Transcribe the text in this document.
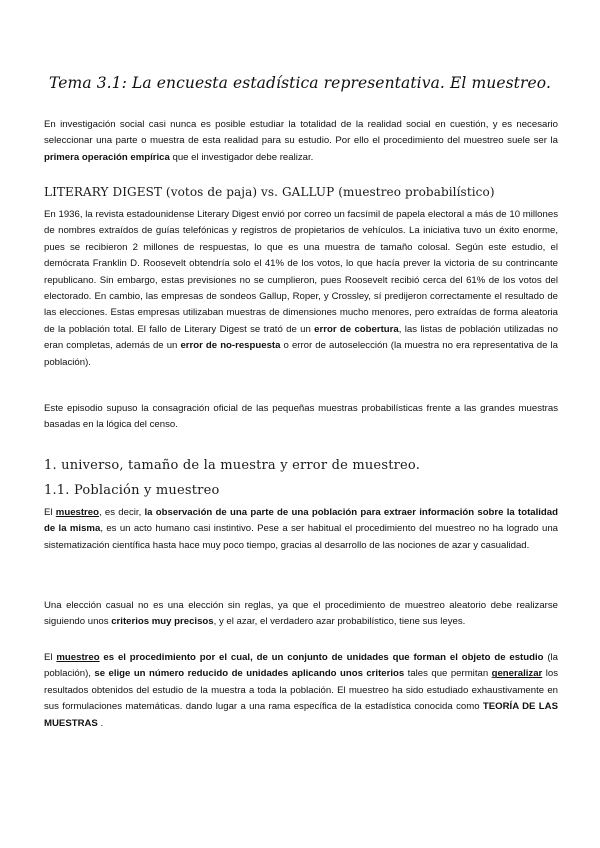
Tema 3.1: La encuesta estadística representativa. El muestreo.

En investigación social casi nunca es posible estudiar la totalidad de la realidad social en cuestión, y es necesario seleccionar una parte o muestra de esta realidad para su estudio. Por ello el procedimiento del muestreo suele ser la primera operación empírica que el investigador debe realizar.

LITERARY DIGEST (votos de paja) vs. GALLUP (muestreo probabilístico)

En 1936, la revista estadounidense Literary Digest envió por correo un facsímil de papela electoral a más de 10 millones de nombres extraídos de guías telefónicas y registros de propietarios de vehículos. La iniciativa tuvo un éxito enorme, pues se recibieron 2 millones de respuestas, lo que es una muestra de tamaño colosal. Según este estudio, el demócrata Franklin D. Roosevelt obtendría solo el 41% de los votos, lo que hacía prever la victoria de su contrincante republicano. Sin embargo, estas previsiones no se cumplieron, pues Roosevelt recibió cerca del 61% de los votos del electorado. En cambio, las empresas de sondeos Gallup, Roper, y Crossley, sí predijeron correctamente el resultado de las elecciones. Estas empresas utilizaban muestras de dimensiones mucho menores, pero extraídas de forma aleatoria de la población total. El fallo de Literary Digest se trató de un error de cobertura, las listas de población utilizadas no eran completas, además de un error de no-respuesta o error de autoselección (la muestra no era representativa de la población).

Este episodio supuso la consagración oficial de las pequeñas muestras probabilísticas frente a las grandes muestras basadas en la lógica del censo.

1. universo, tamaño de la muestra y error de muestreo.
1.1. Población y muestreo

El muestreo, es decir, la observación de una parte de una población para extraer información sobre la totalidad de la misma, es un acto humano casi instintivo. Pese a ser habitual el procedimiento del muestreo no ha logrado una sistematización científica hasta hace muy poco tiempo, gracias al desarrollo de las nociones de azar y casualidad.

Una elección casual no es una elección sin reglas, ya que el procedimiento de muestreo aleatorio debe realizarse siguiendo unos criterios muy precisos, y el azar, el verdadero azar probabilístico, tiene sus leyes.

El muestreo es el procedimiento por el cual, de un conjunto de unidades que forman el objeto de estudio (la población), se elige un número reducido de unidades aplicando unos criterios tales que permitan generalizar los resultados obtenidos del estudio de la muestra a toda la población. El muestreo ha sido estudiado exhaustivamente en sus formulaciones matemáticas. dando lugar a una rama específica de la estadística conocida como TEORÍA DE LAS MUESTRAS .
